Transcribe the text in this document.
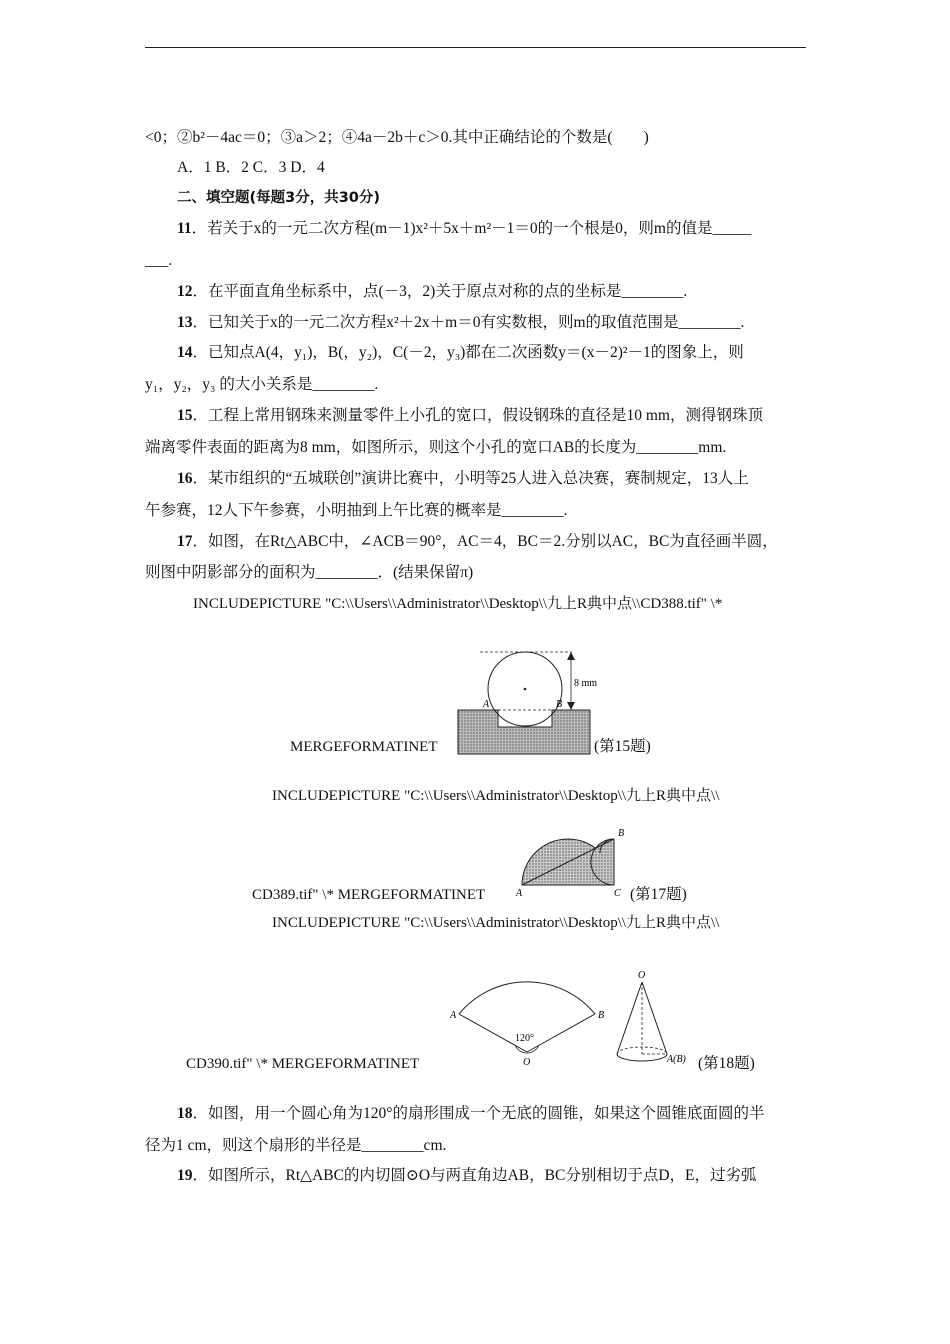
<0；②b²－4ac＝0；③a＞2；④4a－2b＋c＞0.其中正确结论的个数是(　　)
A．1 B．2 C．3 D．4
二、填空题(每题3分，共30分)
11．若关于x的一元二次方程(m－1)x²＋5x＋m²－1＝0的一个根是0，则m的值是_____
___.
12．在平面直角坐标系中，点(－3，2)关于原点对称的点的坐标是________.
13．已知关于x的一元二次方程x²＋2x＋m＝0有实数根，则m的取值范围是________.
14．已知点A(4，y₁)，B(，y₂)，C(－2，y₃)都在二次函数y＝(x－2)²－1的图象上，则
y₁，y₂，y₃ 的大小关系是________.
15．工程上常用钢珠来测量零件上小孔的宽口，假设钢珠的直径是10 mm，测得钢珠顶
端离零件表面的距离为8 mm，如图所示，则这个小孔的宽口AB的长度为________mm.
16．某市组织的“五城联创”演讲比赛中，小明等25人进入总决赛，赛制规定，13人上
午参赛，12人下午参赛，小明抽到上午比赛的概率是________.
17．如图，在Rt△ABC中，∠ACB＝90°，AC＝4，BC＝2.分别以AC，BC为直径画半圆，
则图中阴影部分的面积为________．(结果保留π)
INCLUDEPICTURE "C:\\Users\\Administrator\\Desktop\\九上R典中点\\CD388.tif" \*
A	B
8 mm
MERGEFORMATINET	(第15题)
INCLUDEPICTURE "C:\\Users\\Administrator\\Desktop\\九上R典中点\\
A
B
C
CD389.tif" \* MERGEFORMATINET	(第17题)
INCLUDEPICTURE "C:\\Users\\Administrator\\Desktop\\九上R典中点\\
A	B
120°
O
O
A(B)
CD390.tif" \* MERGEFORMATINET	(第18题)
18．如图，用一个圆心角为120°的扇形围成一个无底的圆锥，如果这个圆锥底面圆的半
径为1 cm，则这个扇形的半径是________cm.
19．如图所示，Rt△ABC的内切圆⊙O与两直角边AB，BC分别相切于点D，E，过劣弧
